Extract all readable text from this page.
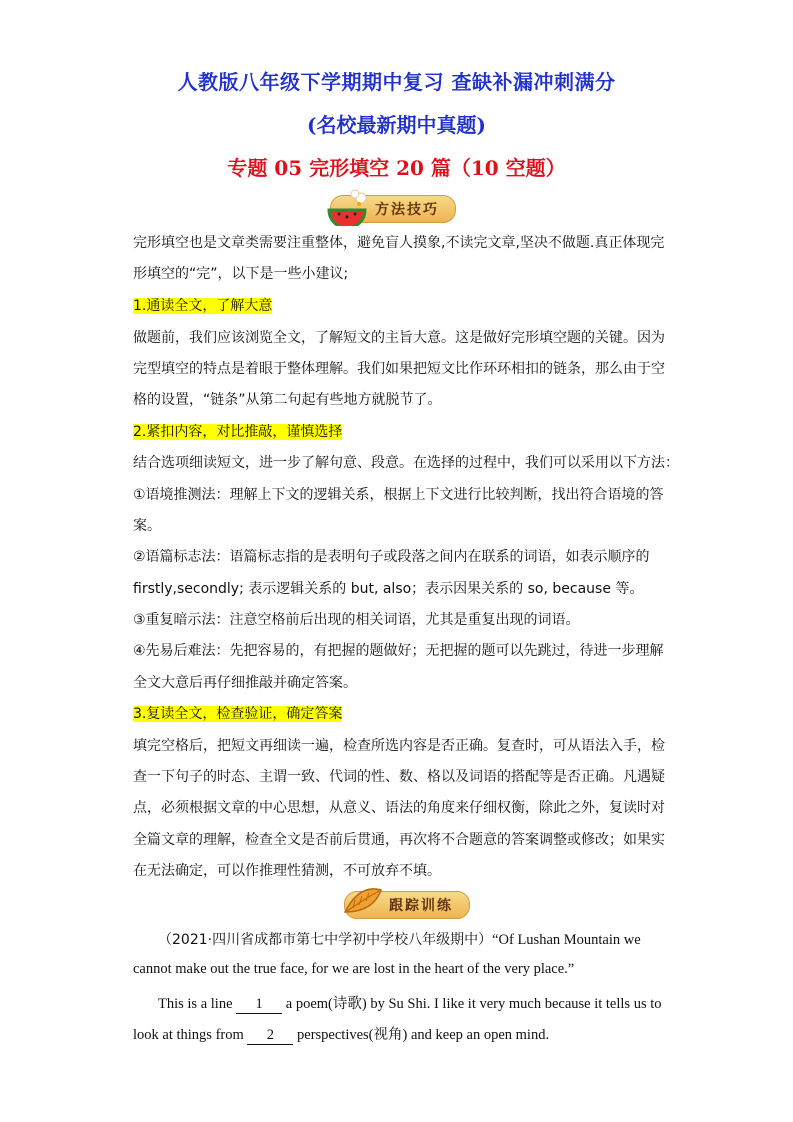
人教版八年级下学期期中复习 查缺补漏冲刺满分
(名校最新期中真题)
专题 05 完形填空 20 篇（10 空题）
方法技巧
完形填空也是文章类需要注重整体，避免盲人摸象,不读完文章,坚决不做题.真正体现完
形填空的“完”，以下是一些小建议;
1.通读全文，了解大意
做题前，我们应该浏览全文，了解短文的主旨大意。这是做好完形填空题的关键。因为
完型填空的特点是着眼于整体理解。我们如果把短文比作环环相扣的链条，那么由于空
格的设置，“链条”从第二句起有些地方就脱节了。
2.紧扣内容，对比推敲，谨慎选择
结合选项细读短文，进一步了解句意、段意。在选择的过程中，我们可以采用以下方法：
①语境推测法：理解上下文的逻辑关系，根据上下文进行比较判断，找出符合语境的答
案。
②语篇标志法：语篇标志指的是表明句子或段落之间内在联系的词语，如表示顺序的
firstly,secondly; 表示逻辑关系的 but, also；表示因果关系的 so, because 等。
③重复暗示法：注意空格前后出现的相关词语，尤其是重复出现的词语。
④先易后难法：先把容易的，有把握的题做好；无把握的题可以先跳过，待进一步理解
全文大意后再仔细推敲并确定答案。
3.复读全文，检查验证，确定答案
填完空格后，把短文再细读一遍，检查所选内容是否正确。复查时，可从语法入手，检
查一下句子的时态、主谓一致、代词的性、数、格以及词语的搭配等是否正确。凡遇疑
点，必须根据文章的中心思想，从意义、语法的角度来仔细权衡，除此之外，复读时对
全篇文章的理解，检查全文是否前后贯通，再次将不合题意的答案调整或修改；如果实
在无法确定，可以作推理性猜测，不可放弃不填。
跟踪训练
（2021·四川省成都市第七中学初中学校八年级期中）“Of Lushan Mountain we
cannot make out the true face, for we are lost in the heart of the very place.”
This is a line 1 a poem(诗歌) by Su Shi. I like it very much because it tells us to
look at things from 2 perspectives(视角) and keep an open mind.
